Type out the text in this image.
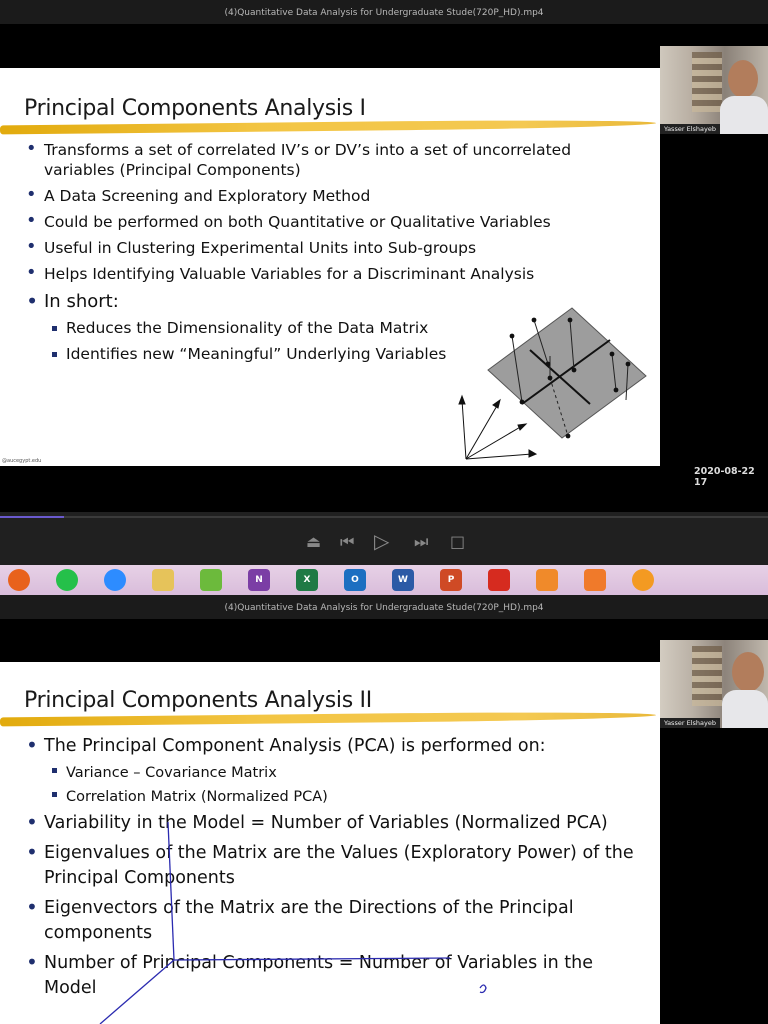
(4)Quantitative Data Analysis for Undergraduate Stude(720P_HD).mp4
Principal Components Analysis I
• Transforms a set of correlated IV’s or DV’s into a set of uncorrelated variables (Principal Components)
• A Data Screening and Exploratory Method
• Could be performed on both Quantitative or Qualitative Variables
• Useful in Clustering Experimental Units into Sub-groups
• Helps Identifying Valuable Variables for a Discriminant Analysis
• In short:
Reduces the Dimensionality of the Data Matrix
Identifies new “Meaningful” Underlying Variables
@aucegypt.edu
Yasser Elshayeb
2020-08-22 17
⏏ ⏮ ▷ ⏭ □
N	X	O	W	P
(4)Quantitative Data Analysis for Undergraduate Stude(720P_HD).mp4
Principal Components Analysis II
• The Principal Component Analysis (PCA) is performed on:
Variance – Covariance Matrix
Correlation Matrix (Normalized PCA)
• Variability in the Model = Number of Variables (Normalized PCA)
• Eigenvalues of the Matrix are the Values (Exploratory Power) of the Principal Components
• Eigenvectors of the Matrix are the Directions of the Principal components
• Number of Principal Components = Number of Variables in the Model
Yasser Elshayeb
